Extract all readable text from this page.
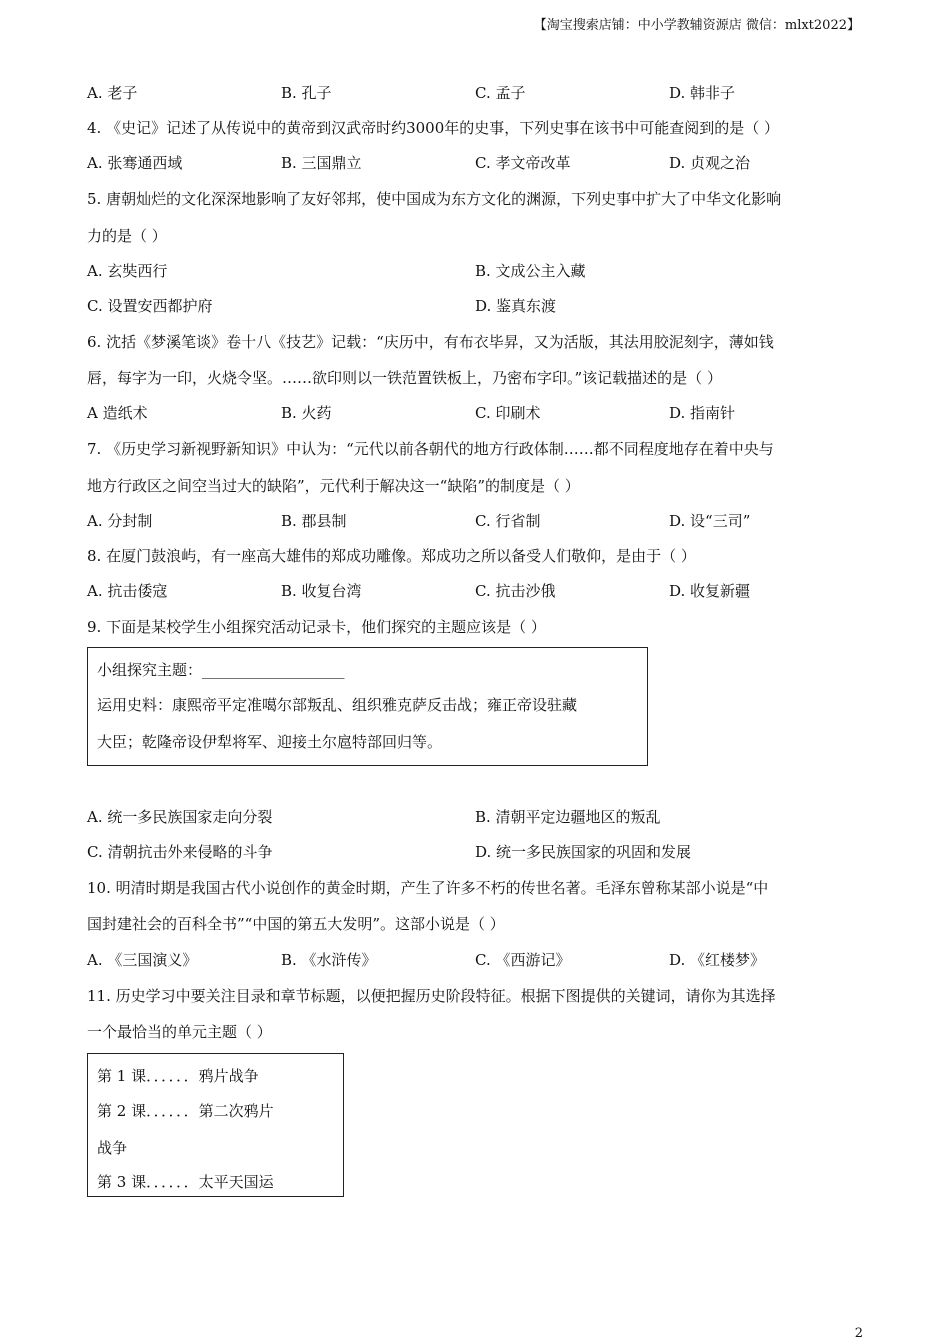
【淘宝搜索店铺：中小学教辅资源店 微信：mlxt2022】
A. 老子	B. 孔子	C. 孟子	D. 韩非子
4. 《史记》记述了从传说中的黄帝到汉武帝时约3000年的史事，下列史事在该书中可能查阅到的是（ ）
A. 张骞通西域	B. 三国鼎立	C. 孝文帝改革	D. 贞观之治
5. 唐朝灿烂的文化深深地影响了友好邻邦，使中国成为东方文化的渊源，下列史事中扩大了中华文化影响
力的是（ ）
A. 玄奘西行	B. 文成公主入藏
C. 设置安西都护府	D. 鉴真东渡
6. 沈括《梦溪笔谈》卷十八《技艺》记载：“庆历中，有布衣毕昇，又为活版，其法用胶泥刻字，薄如钱
唇，每字为一印，火烧令坚。……欲印则以一铁范置铁板上，乃密布字印。”该记载描述的是（ ）
A 造纸术	B. 火药	C. 印刷术	D. 指南针
7. 《历史学习新视野新知识》中认为：“元代以前各朝代的地方行政体制……都不同程度地存在着中央与
地方行政区之间空当过大的缺陷”，元代利于解决这一“缺陷”的制度是（ ）
A. 分封制	B. 郡县制	C. 行省制	D. 设“三司”
8. 在厦门鼓浪屿，有一座高大雄伟的郑成功雕像。郑成功之所以备受人们敬仰，是由于（ ）
A. 抗击倭寇	B. 收复台湾	C. 抗击沙俄	D. 收复新疆
9. 下面是某校学生小组探究活动记录卡，他们探究的主题应该是（ ）
小组探究主题：___________________
运用史料：康熙帝平定准噶尔部叛乱、组织雅克萨反击战；雍正帝设驻藏
大臣；乾隆帝设伊犁将军、迎接土尔扈特部回归等。
A. 统一多民族国家走向分裂	B. 清朝平定边疆地区的叛乱
C. 清朝抗击外来侵略的斗争	D. 统一多民族国家的巩固和发展
10. 明清时期是我国古代小说创作的黄金时期，产生了许多不朽的传世名著。毛泽东曾称某部小说是“中
国封建社会的百科全书”“中国的第五大发明”。这部小说是（ ）
A. 《三国演义》	B. 《水浒传》	C. 《西游记》	D. 《红楼梦》
11. 历史学习中要关注目录和章节标题，以便把握历史阶段特征。根据下图提供的关键词，请你为其选择
一个最恰当的单元主题（ ）
第 1 课．．．．．．鸦片战争
第 2 课．．．．．．第二次鸦片
战争
第 3 课．．．．．．太平天国运
2
